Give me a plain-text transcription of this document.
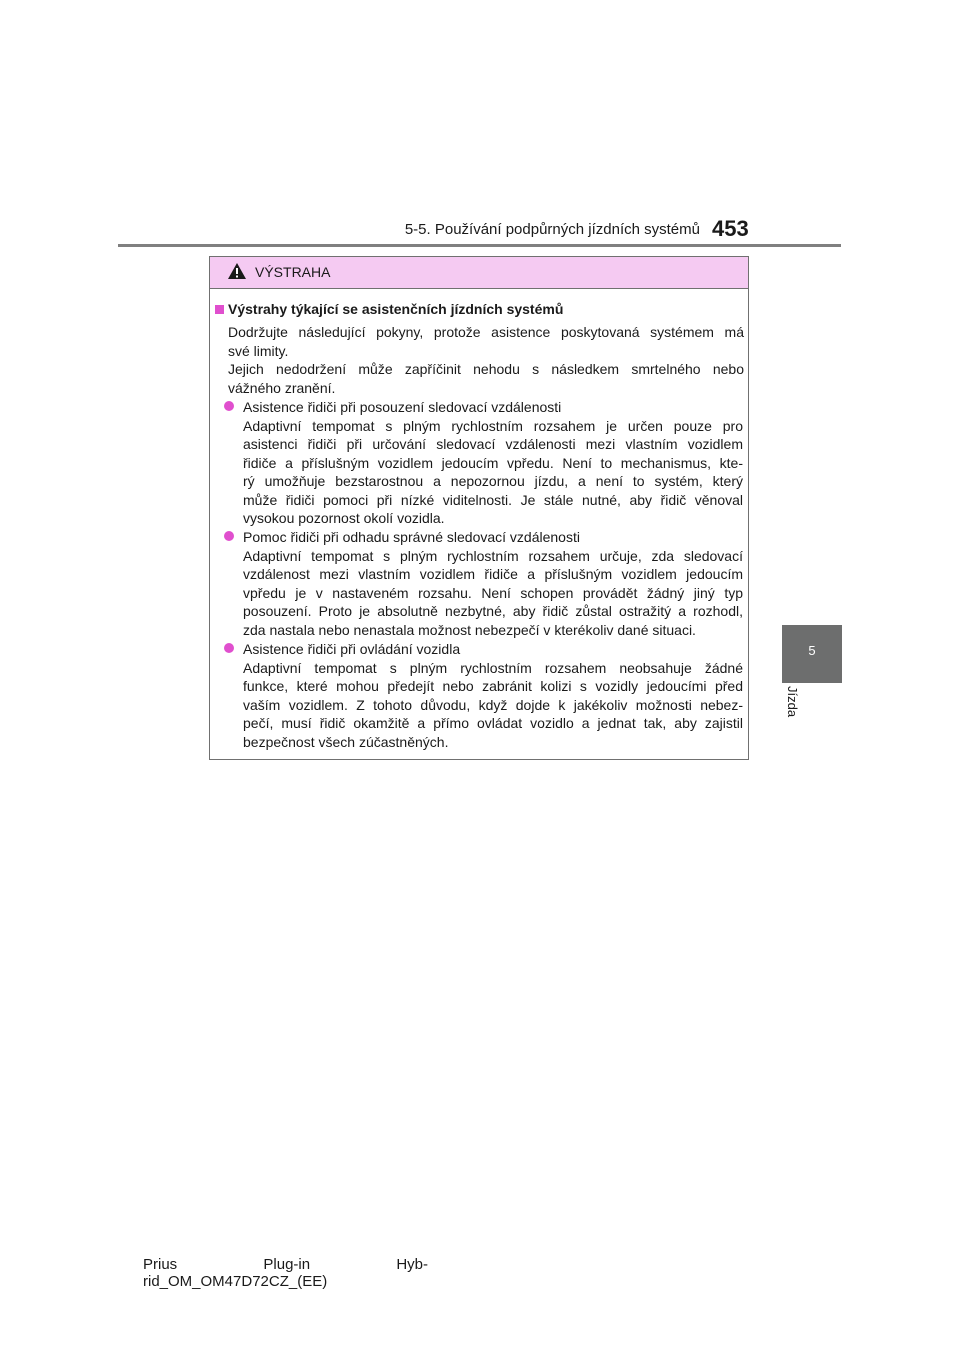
5-5. Používání podpůrných jízdních systémů 453
5
Jízda
VÝSTRAHA
Výstrahy týkající se asistenčních jízdních systémů
Dodržujte následující pokyny, protože asistence poskytovaná systémem má
své limity.
Jejich nedodržení může zapříčinit nehodu s následkem smrtelného nebo
vážného zranění.
Asistence řidiči při posouzení sledovací vzdálenosti
Adaptivní tempomat s plným rychlostním rozsahem je určen pouze pro
asistenci řidiči při určování sledovací vzdálenosti mezi vlastním vozidlem
řidiče a příslušným vozidlem jedoucím vpředu. Není to mechanismus, kte-
rý umožňuje bezstarostnou a nepozornou jízdu, a není to systém, který
může řidiči pomoci při nízké viditelnosti. Je stále nutné, aby řidič věnoval
vysokou pozornost okolí vozidla.
Pomoc řidiči při odhadu správné sledovací vzdálenosti
Adaptivní tempomat s plným rychlostním rozsahem určuje, zda sledovací
vzdálenost mezi vlastním vozidlem řidiče a příslušným vozidlem jedoucím
vpředu je v nastaveném rozsahu. Není schopen provádět žádný jiný typ
posouzení. Proto je absolutně nezbytné, aby řidič zůstal ostražitý a rozhodl,
zda nastala nebo nenastala možnost nebezpečí v kterékoliv dané situaci.
Asistence řidiči při ovládání vozidla
Adaptivní tempomat s plným rychlostním rozsahem neobsahuje žádné
funkce, které mohou předejít nebo zabránit kolizi s vozidly jedoucími před
vaším vozidlem. Z tohoto důvodu, když dojde k jakékoliv možnosti nebez-
pečí, musí řidič okamžitě a přímo ovládat vozidlo a jednat tak, aby zajistil
bezpečnost všech zúčastněných.
Prius Plug-in Hyb-
rid_OM_OM47D72CZ_(EE)
